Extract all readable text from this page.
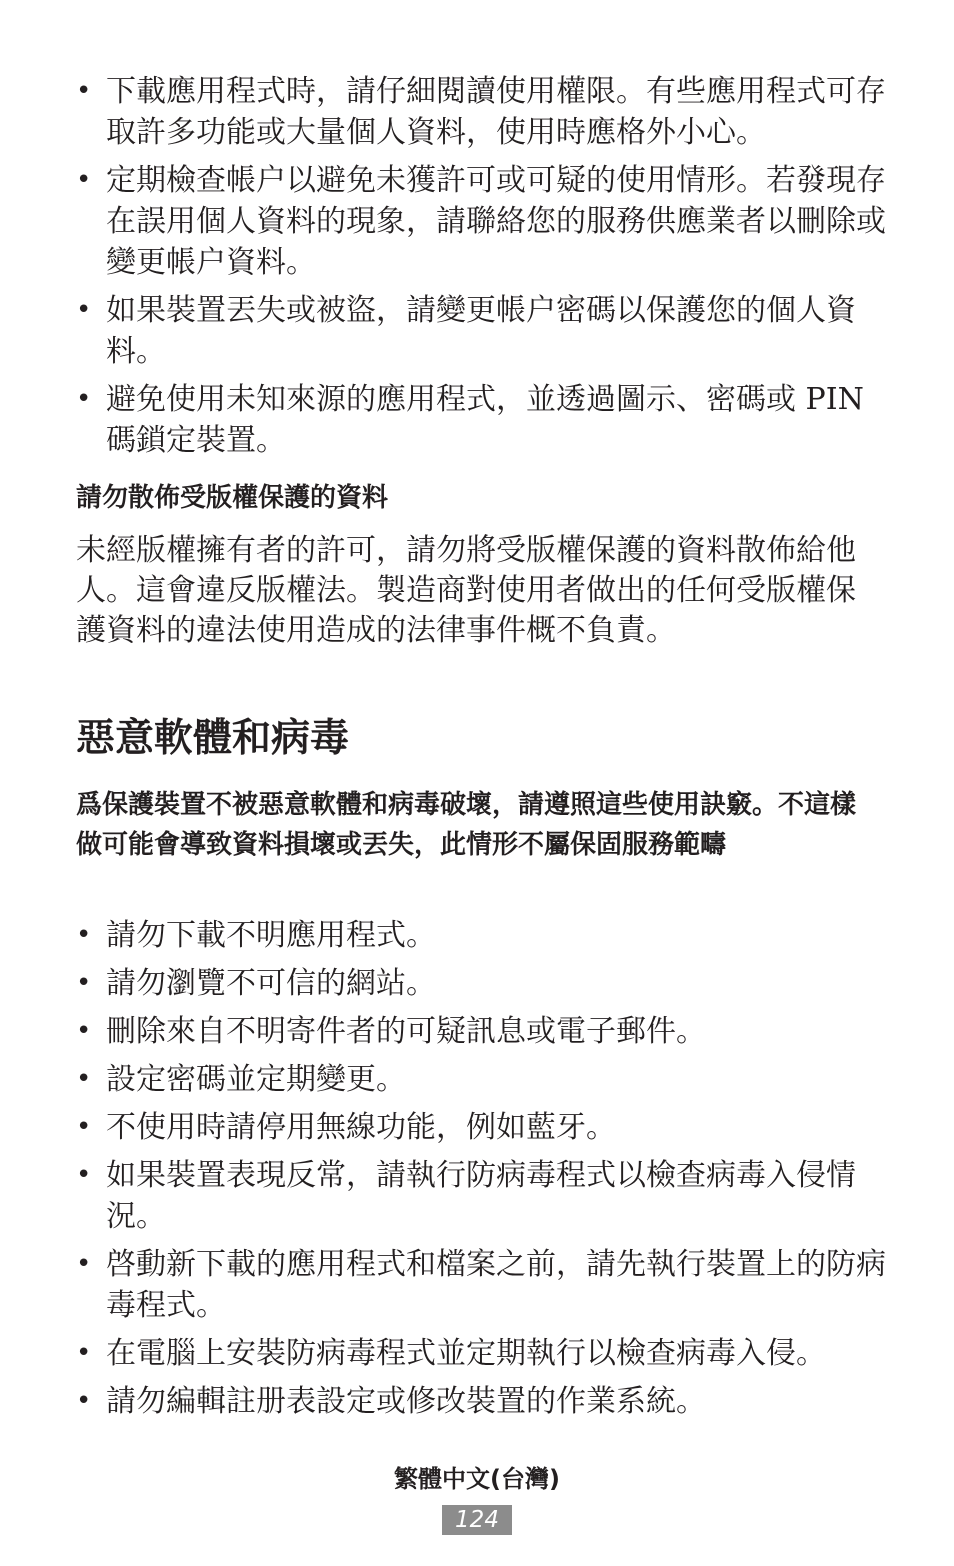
• 下載應用程式時，請仔細閱讀使用權限。有些應用程式可存取許多功能或大量個人資料，使用時應格外小心。
• 定期檢查帳户以避免未獲許可或可疑的使用情形。若發現存在誤用個人資料的現象，請聯絡您的服務供應業者以刪除或變更帳户資料。
• 如果裝置丟失或被盜，請變更帳户密碼以保護您的個人資料。
• 避免使用未知來源的應用程式，並透過圖示、密碼或 PIN 碼鎖定裝置。
請勿散佈受版權保護的資料
未經版權擁有者的許可，請勿將受版權保護的資料散佈給他人。這會違反版權法。製造商對使用者做出的任何受版權保護資料的違法使用造成的法律事件概不負責。
惡意軟體和病毒
爲保護裝置不被惡意軟體和病毒破壞，請遵照這些使用訣竅。不這樣做可能會導致資料損壞或丟失，此情形不屬保固服務範疇
• 請勿下載不明應用程式。
• 請勿瀏覽不可信的網站。
• 刪除來自不明寄件者的可疑訊息或電子郵件。
• 設定密碼並定期變更。
• 不使用時請停用無線功能，例如藍牙。
• 如果裝置表現反常，請執行防病毒程式以檢查病毒入侵情況。
• 啓動新下載的應用程式和檔案之前，請先執行裝置上的防病毒程式。
• 在電腦上安裝防病毒程式並定期執行以檢查病毒入侵。
• 請勿編輯註册表設定或修改裝置的作業系統。
繁體中文(台灣)
124
